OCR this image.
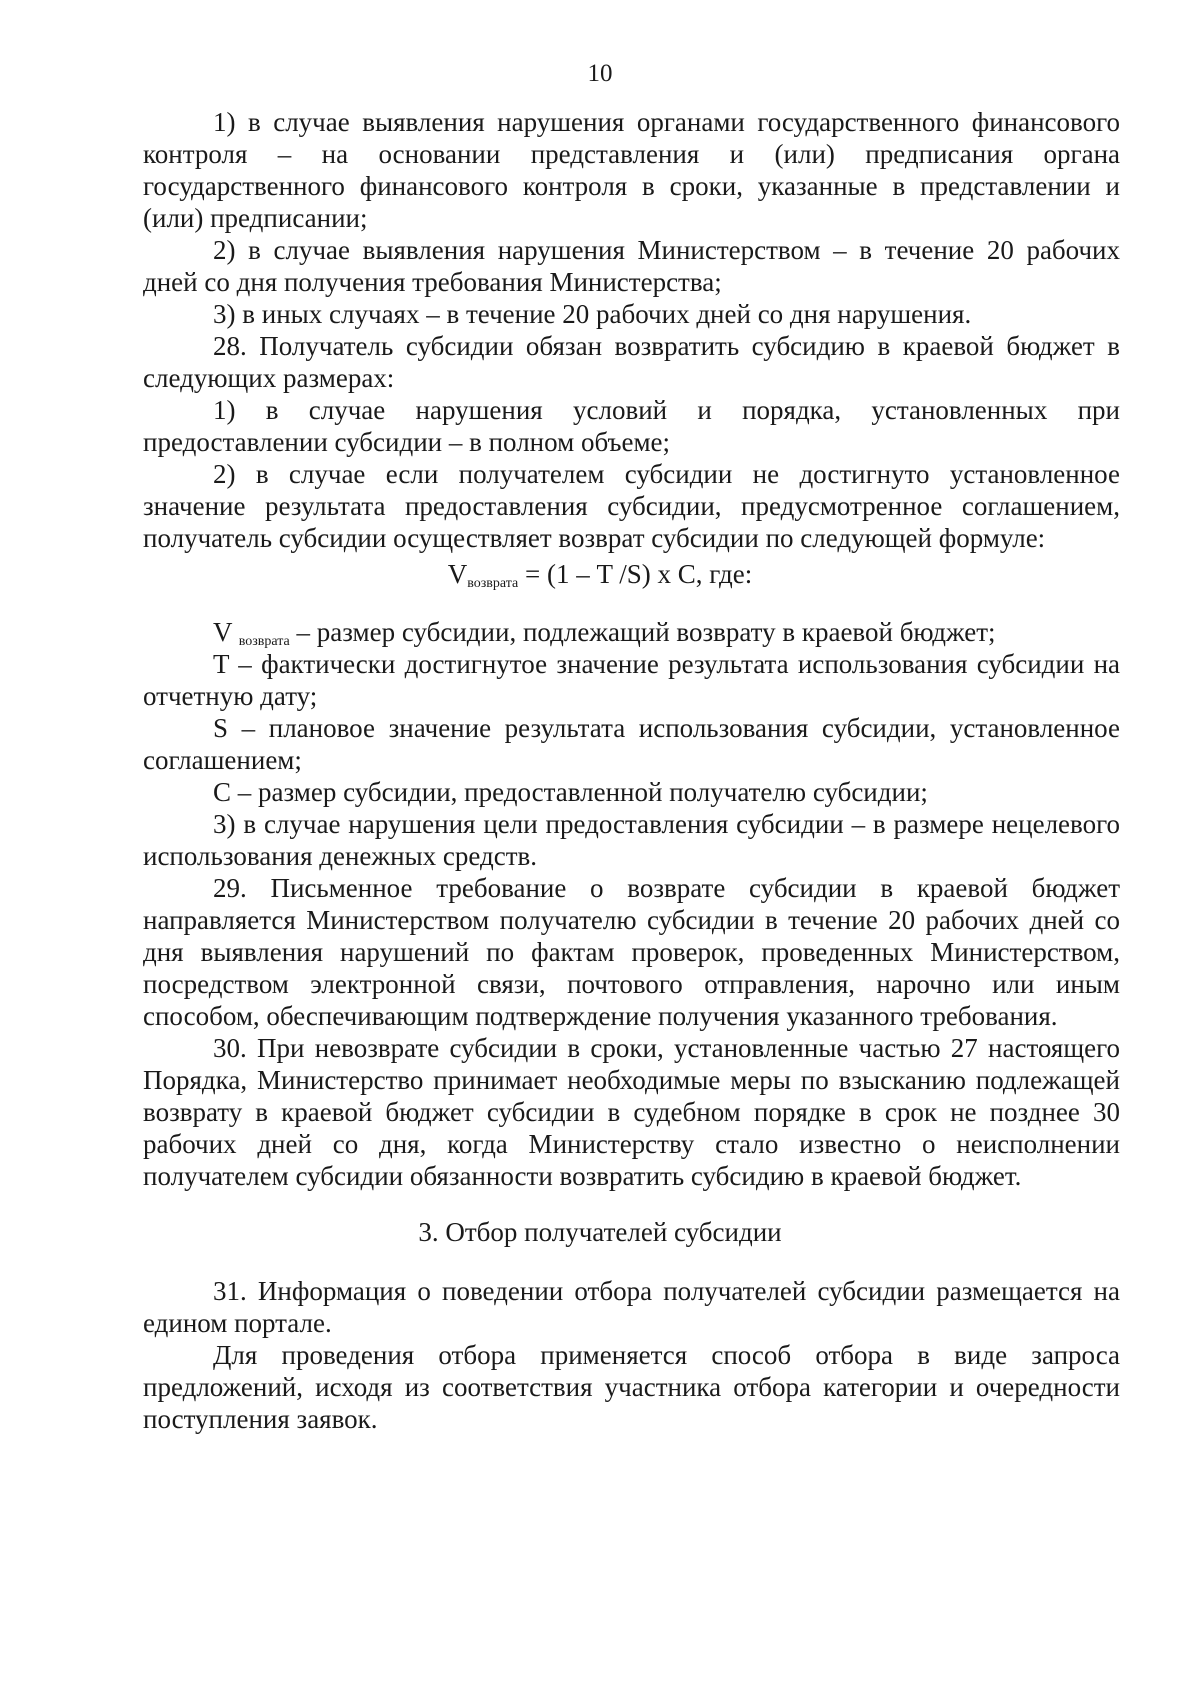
10

1) в случае выявления нарушения органами государственного финансового контроля – на основании представления и (или) предписания органа государственного финансового контроля в сроки, указанные в представлении и (или) предписании;

2) в случае выявления нарушения Министерством – в течение 20 рабочих дней со дня получения требования Министерства;

3) в иных случаях – в течение 20 рабочих дней со дня нарушения.

28. Получатель субсидии обязан возвратить субсидию в краевой бюджет в следующих размерах:

1) в случае нарушения условий и порядка, установленных при предоставлении субсидии – в полном объеме;

2) в случае если получателем субсидии не достигнуто установленное значение результата предоставления субсидии, предусмотренное соглашением, получатель субсидии осуществляет возврат субсидии по следующей формуле:

$V_{возврата} = (1 - T$ /S) x C, где:

V $_{возврата}$ – размер субсидии, подлежащий возврату в краевой бюджет;

T – фактически достигнутое значение результата использования субсидии на отчетную дату;

S – плановое значение результата использования субсидии, установленное соглашением;

C – размер субсидии, предоставленной получателю субсидии;

3) в случае нарушения цели предоставления субсидии – в размере нецелевого использования денежных средств.

29. Письменное требование о возврате субсидии в краевой бюджет направляется Министерством получателю субсидии в течение 20 рабочих дней со дня выявления нарушений по фактам проверок, проведенных Министерством, посредством электронной связи, почтового отправления, нарочно или иным способом, обеспечивающим подтверждение получения указанного требования.

30. При невозврате субсидии в сроки, установленные частью 27 настоящего Порядка, Министерство принимает необходимые меры по взысканию подлежащей возврату в краевой бюджет субсидии в судебном порядке в срок не позднее 30 рабочих дней со дня, когда Министерству стало известно о неисполнении получателем субсидии обязанности возвратить субсидию в краевой бюджет.

3. Отбор получателей субсидии

31. Информация о поведении отбора получателей субсидии размещается на едином портале.

Для проведения отбора применяется способ отбора в виде запроса предложений, исходя из соответствия участника отбора категории и очередности поступления заявок.
